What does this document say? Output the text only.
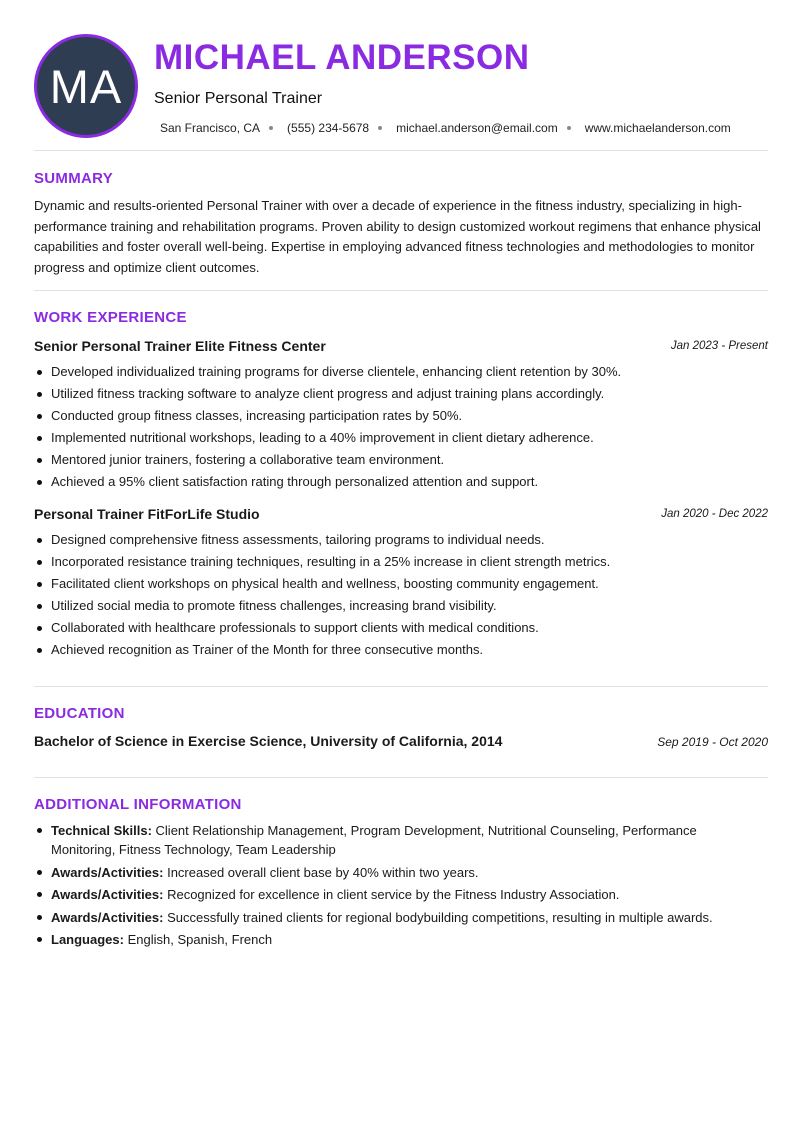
MA
MICHAEL ANDERSON
Senior Personal Trainer
San Francisco, CA (555) 234-5678 michael.anderson@email.com www.michaelanderson.com
SUMMARY

Dynamic and results-oriented Personal Trainer with over a decade of experience in the fitness industry, specializing in high-performance training and rehabilitation programs. Proven ability to design customized workout regimens that enhance physical capabilities and foster overall well-being. Expertise in employing advanced fitness technologies and methodologies to monitor progress and optimize client outcomes.

WORK EXPERIENCE
Senior Personal Trainer Elite Fitness Center	Jan 2023 - Present
Developed individualized training programs for diverse clientele, enhancing client retention by 30%.
Utilized fitness tracking software to analyze client progress and adjust training plans accordingly.
Conducted group fitness classes, increasing participation rates by 50%.
Implemented nutritional workshops, leading to a 40% improvement in client dietary adherence.
Mentored junior trainers, fostering a collaborative team environment.
Achieved a 95% client satisfaction rating through personalized attention and support.
Personal Trainer FitForLife Studio	Jan 2020 - Dec 2022
Designed comprehensive fitness assessments, tailoring programs to individual needs.
Incorporated resistance training techniques, resulting in a 25% increase in client strength metrics.
Facilitated client workshops on physical health and wellness, boosting community engagement.
Utilized social media to promote fitness challenges, increasing brand visibility.
Collaborated with healthcare professionals to support clients with medical conditions.
Achieved recognition as Trainer of the Month for three consecutive months.
EDUCATION
Bachelor of Science in Exercise Science, University of California, 2014	Sep 2019 - Oct 2020
ADDITIONAL INFORMATION
Technical Skills: Client Relationship Management, Program Development, Nutritional Counseling, Performance Monitoring, Fitness Technology, Team Leadership
Awards/Activities: Increased overall client base by 40% within two years.
Awards/Activities: Recognized for excellence in client service by the Fitness Industry Association.
Awards/Activities: Successfully trained clients for regional bodybuilding competitions, resulting in multiple awards.
Languages: English, Spanish, French
